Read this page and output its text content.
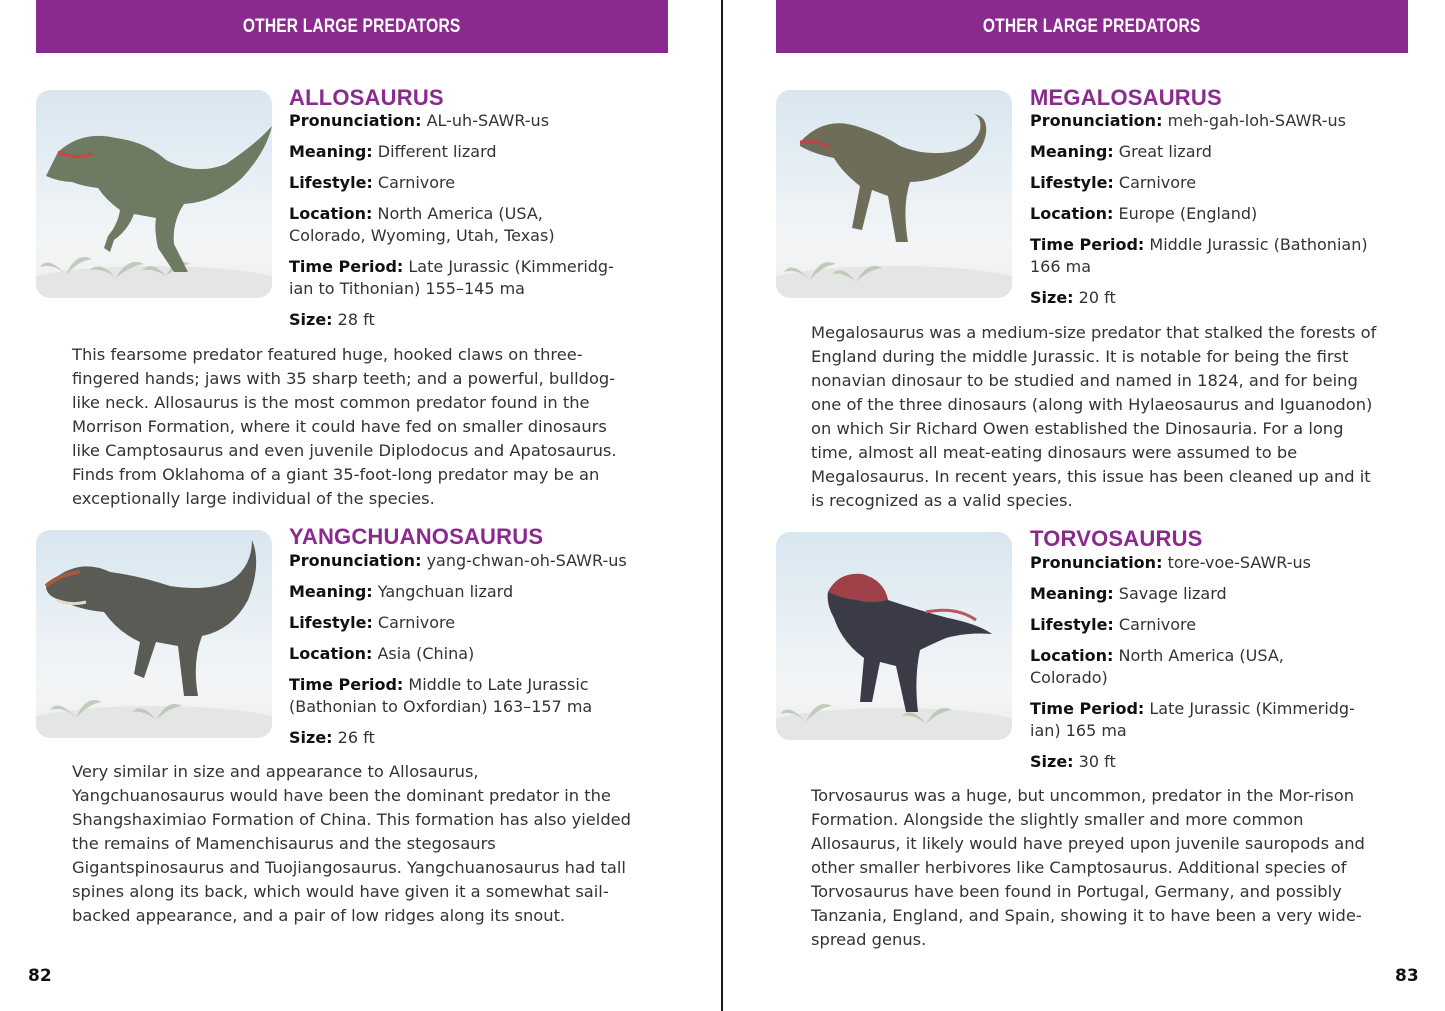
OTHER LARGE PREDATORS
ALLOSAURUS
Pronunciation: AL-uh-SAWR-us
Meaning: Different lizard
Lifestyle: Carnivore
Location: North America (USA, Colorado, Wyoming, Utah, Texas)
Time Period: Late Jurassic (Kimmeridg-ian to Tithonian) 155–145 ma
Size: 28 ft

This fearsome predator featured huge, hooked claws on three-fingered hands; jaws with 35 sharp teeth; and a powerful, bulldog-like neck. Allosaurus is the most common predator found in the Morrison Formation, where it could have fed on smaller dinosaurs like Camptosaurus and even juvenile Diplodocus and Apatosaurus. Finds from Oklahoma of a giant 35-foot-long predator may be an exceptionally large individual of the species.

YANGCHUANOSAURUS
Pronunciation: yang-chwan-oh-SAWR-us
Meaning: Yangchuan lizard
Lifestyle: Carnivore
Location: Asia (China)
Time Period: Middle to Late Jurassic (Bathonian to Oxfordian) 163–157 ma
Size: 26 ft

Very similar in size and appearance to Allosaurus, Yangchuanosaurus would have been the dominant predator in the Shangshaximiao Formation of China. This formation has also yielded the remains of Mamenchisaurus and the stegosaurs Gigantspinosaurus and Tuojiangosaurus. Yangchuanosaurus had tall spines along its back, which would have given it a somewhat sail-backed appearance, and a pair of low ridges along its snout.

82
OTHER LARGE PREDATORS
MEGALOSAURUS
Pronunciation: meh-gah-loh-SAWR-us
Meaning: Great lizard
Lifestyle: Carnivore
Location: Europe (England)
Time Period: Middle Jurassic (Bathonian) 166 ma
Size: 20 ft

Megalosaurus was a medium-size predator that stalked the forests of England during the middle Jurassic. It is notable for being the first nonavian dinosaur to be studied and named in 1824, and for being one of the three dinosaurs (along with Hylaeosaurus and Iguanodon) on which Sir Richard Owen established the Dinosauria. For a long time, almost all meat-eating dinosaurs were assumed to be Megalosaurus. In recent years, this issue has been cleaned up and it is recognized as a valid species.

TORVOSAURUS
Pronunciation: tore-voe-SAWR-us
Meaning: Savage lizard
Lifestyle: Carnivore
Location: North America (USA, Colorado)
Time Period: Late Jurassic (Kimmeridg-ian) 165 ma
Size: 30 ft

Torvosaurus was a huge, but uncommon, predator in the Mor-rison Formation. Alongside the slightly smaller and more common Allosaurus, it likely would have preyed upon juvenile sauropods and other smaller herbivores like Camptosaurus. Additional species of Torvosaurus have been found in Portugal, Germany, and possibly Tanzania, England, and Spain, showing it to have been a very wide-spread genus.

83
